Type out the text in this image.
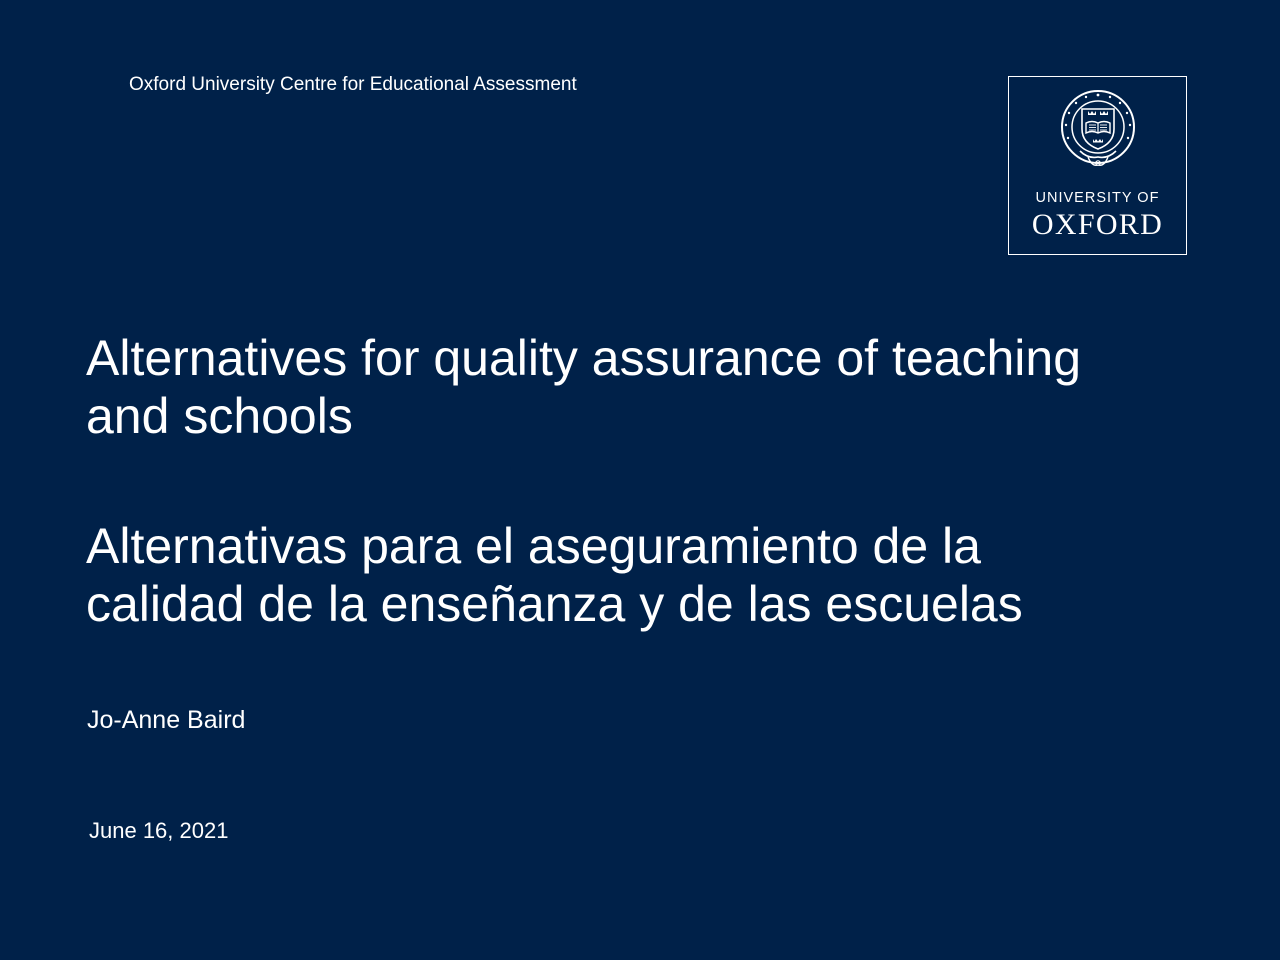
Oxford University Centre for Educational Assessment
UNIVERSITY OF
OXFORD
Alternatives for quality assurance of teaching
and schools
Alternativas para el aseguramiento de la
calidad de la enseñanza y de las escuelas
Jo-Anne Baird
June 16, 2021
